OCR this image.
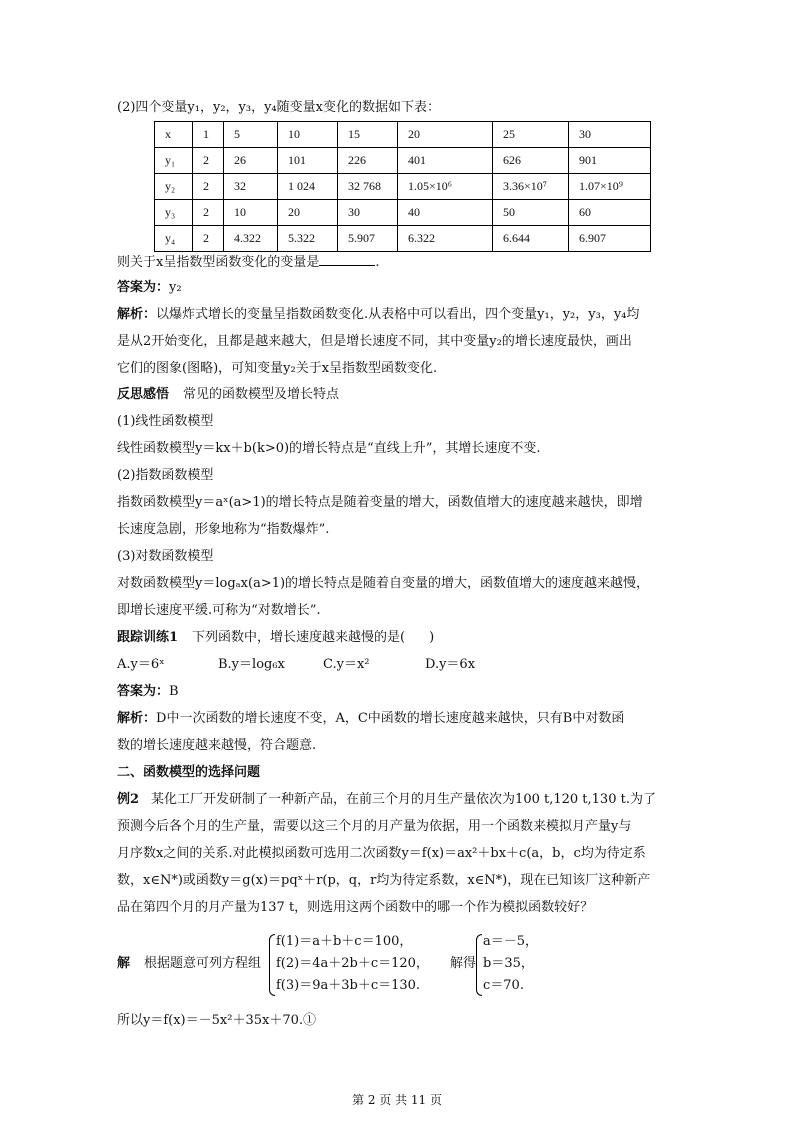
(2)四个变量y₁，y₂，y₃，y₄随变量x变化的数据如下表：
x	1	5	10	15	20	25	30
y₁	2	26	101	226	401	626	901
y₂	2	32	1 024	32 768	1.05×10⁶	3.36×10⁷	1.07×10⁹
y₃	2	10	20	30	40	50	60
y₄	2	4.322	5.322	5.907	6.322	6.644	6.907
则关于x呈指数型函数变化的变量是	.
答案为：y₂
解析：以爆炸式增长的变量呈指数函数变化.从表格中可以看出，四个变量y₁，y₂，y₃，y₄均
是从2开始变化，且都是越来越大，但是增长速度不同，其中变量y₂的增长速度最快，画出
它们的图象(图略)，可知变量y₂关于x呈指数型函数变化.
反思感悟 常见的函数模型及增长特点
(1)线性函数模型
线性函数模型y＝kx＋b(k>0)的增长特点是“直线上升”，其增长速度不变.
(2)指数函数模型
指数函数模型y＝aˣ(a>1)的增长特点是随着变量的增大，函数值增大的速度越来越快，即增
长速度急剧，形象地称为“指数爆炸”.
(3)对数函数模型
对数函数模型y＝logₐx(a>1)的增长特点是随着自变量的增大，函数值增大的速度越来越慢，
即增长速度平缓.可称为“对数增长”.
跟踪训练1 下列函数中，增长速度越来越慢的是( )
A.y＝6ˣ	B.y＝log₆x	C.y＝x²	D.y＝6x
答案为：B
解析：D中一次函数的增长速度不变，A，C中函数的增长速度越来越快，只有B中对数函
数的增长速度越来越慢，符合题意.
二、函数模型的选择问题
例2 某化工厂开发研制了一种新产品，在前三个月的月生产量依次为100 t,120 t,130 t.为了
预测今后各个月的生产量，需要以这三个月的月产量为依据，用一个函数来模拟月产量y与
月序数x之间的关系.对此模拟函数可选用二次函数y＝f(x)＝ax²＋bx＋c(a，b，c均为待定系
数，x∈N*)或函数y＝g(x)＝pqˣ＋r(p，q，r均为待定系数，x∈N*)，现在已知该厂这种新产
品在第四个月的月产量为137 t，则选用这两个函数中的哪一个作为模拟函数较好？
解 根据题意可列方程组
f(1)＝a＋b＋c＝100，
f(2)＝4a＋2b＋c＝120，
f(3)＝9a＋3b＋c＝130.
解得
a＝－5，
b＝35，
c＝70.
所以y＝f(x)＝－5x²＋35x＋70.①
第 2 页 共 11 页
